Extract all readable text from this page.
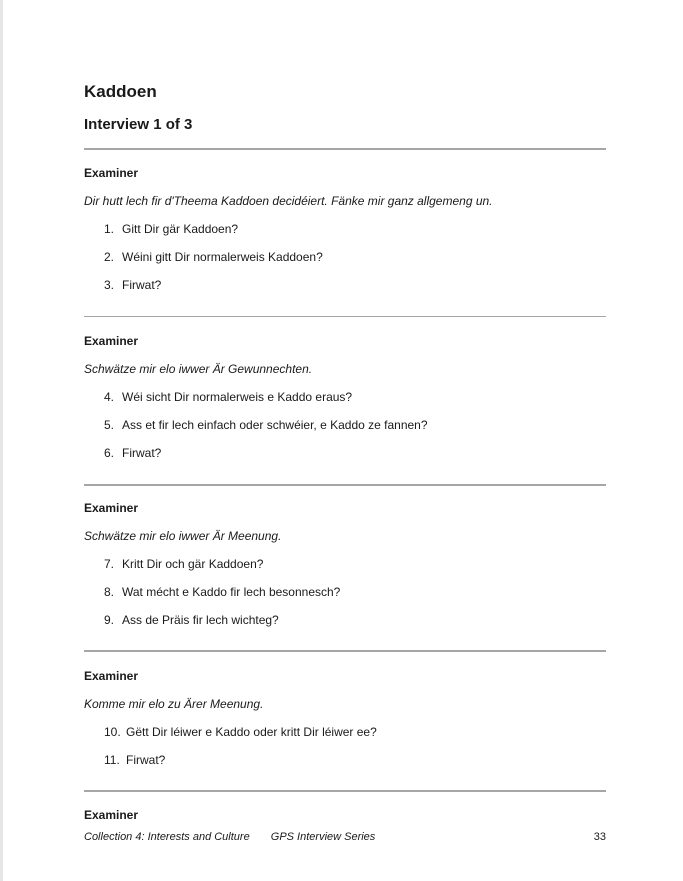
Kaddoen
Interview 1 of 3

Examiner

Dir hutt lech fir d'Theema Kaddoen decidéiert. Fänke mir ganz allgemeng un.

1. Gitt Dir gär Kaddoen?
2. Wéini gitt Dir normalerweis Kaddoen?
3. Firwat?

Examiner

Schwätze mir elo iwwer Är Gewunnechten.

4. Wéi sicht Dir normalerweis e Kaddo eraus?
5. Ass et fir lech einfach oder schwéier, e Kaddo ze fannen?
6. Firwat?

Examiner

Schwätze mir elo iwwer Är Meenung.

7. Kritt Dir och gär Kaddoen?
8. Wat mécht e Kaddo fir lech besonnesch?
9. Ass de Präis fir lech wichteg?

Examiner

Komme mir elo zu Ärer Meenung.

10. Gëtt Dir léiwer e Kaddo oder kritt Dir léiwer ee?
11. Firwat?

Examiner

Collection 4: Interests and Culture GPS Interview Series	33
